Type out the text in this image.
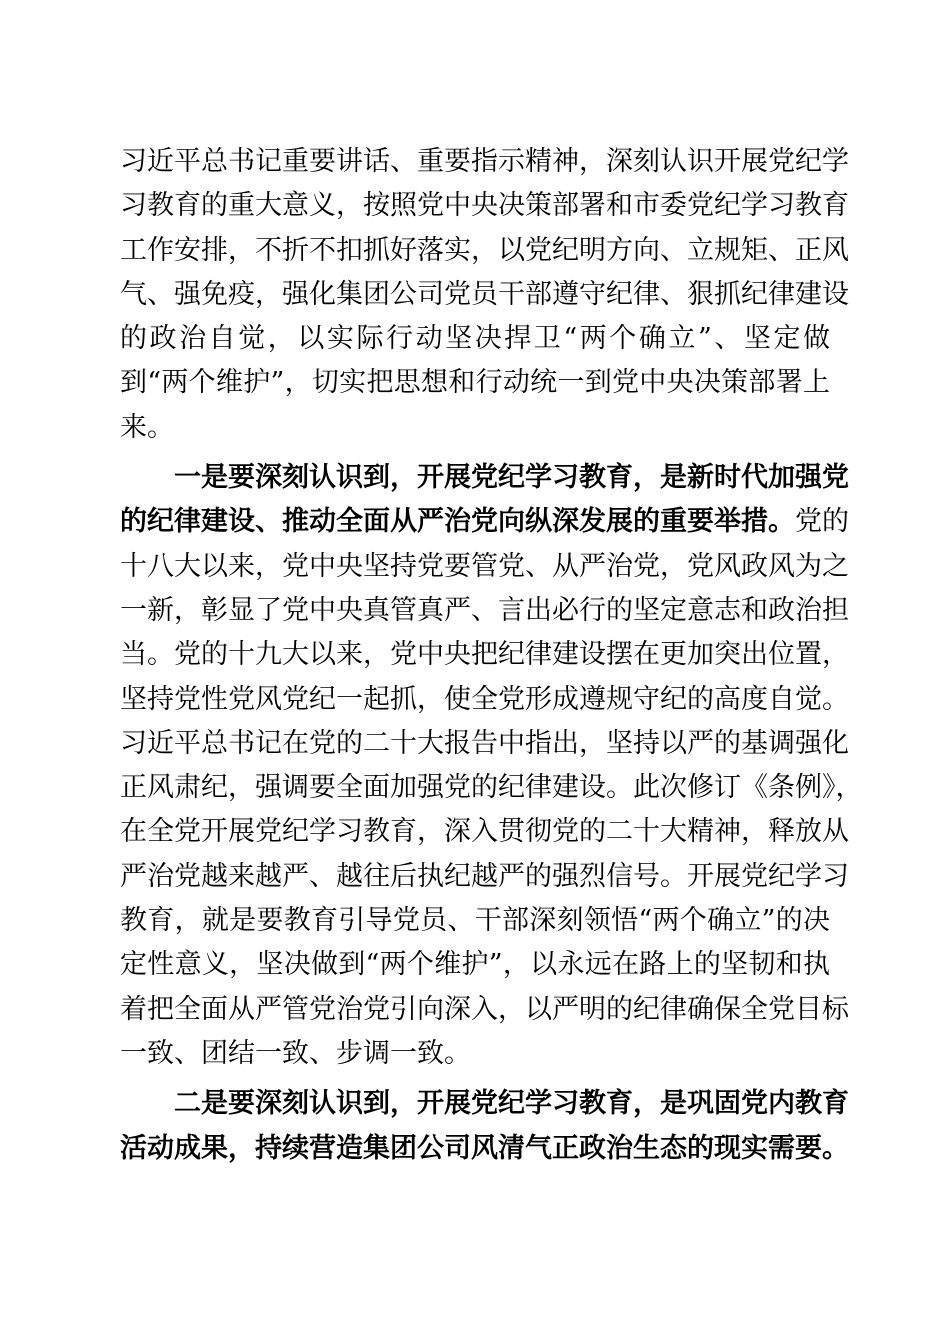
习近平总书记重要讲话、重要指示精神，深刻认识开展党纪学
习教育的重大意义，按照党中央决策部署和市委党纪学习教育
工作安排，不折不扣抓好落实，以党纪明方向、立规矩、正风
气、强免疫，强化集团公司党员干部遵守纪律、狠抓纪律建设
的政治自觉，以实际行动坚决捍卫“两个确立”、坚定做
到“两个维护”，切实把思想和行动统一到党中央决策部署上
来。
一是要深刻认识到，开展党纪学习教育，是新时代加强党
的纪律建设、推动全面从严治党向纵深发展的重要举措。党的
十八大以来，党中央坚持党要管党、从严治党，党风政风为之
一新，彰显了党中央真管真严、言出必行的坚定意志和政治担
当。党的十九大以来，党中央把纪律建设摆在更加突出位置，
坚持党性党风党纪一起抓，使全党形成遵规守纪的高度自觉。
习近平总书记在党的二十大报告中指出，坚持以严的基调强化
正风肃纪，强调要全面加强党的纪律建设。此次修订《条例》，
在全党开展党纪学习教育，深入贯彻党的二十大精神，释放从
严治党越来越严、越往后执纪越严的强烈信号。开展党纪学习
教育，就是要教育引导党员、干部深刻领悟“两个确立”的决
定性意义，坚决做到“两个维护”，以永远在路上的坚韧和执
着把全面从严管党治党引向深入，以严明的纪律确保全党目标
一致、团结一致、步调一致。
二是要深刻认识到，开展党纪学习教育，是巩固党内教育
活动成果，持续营造集团公司风清气正政治生态的现实需要。
